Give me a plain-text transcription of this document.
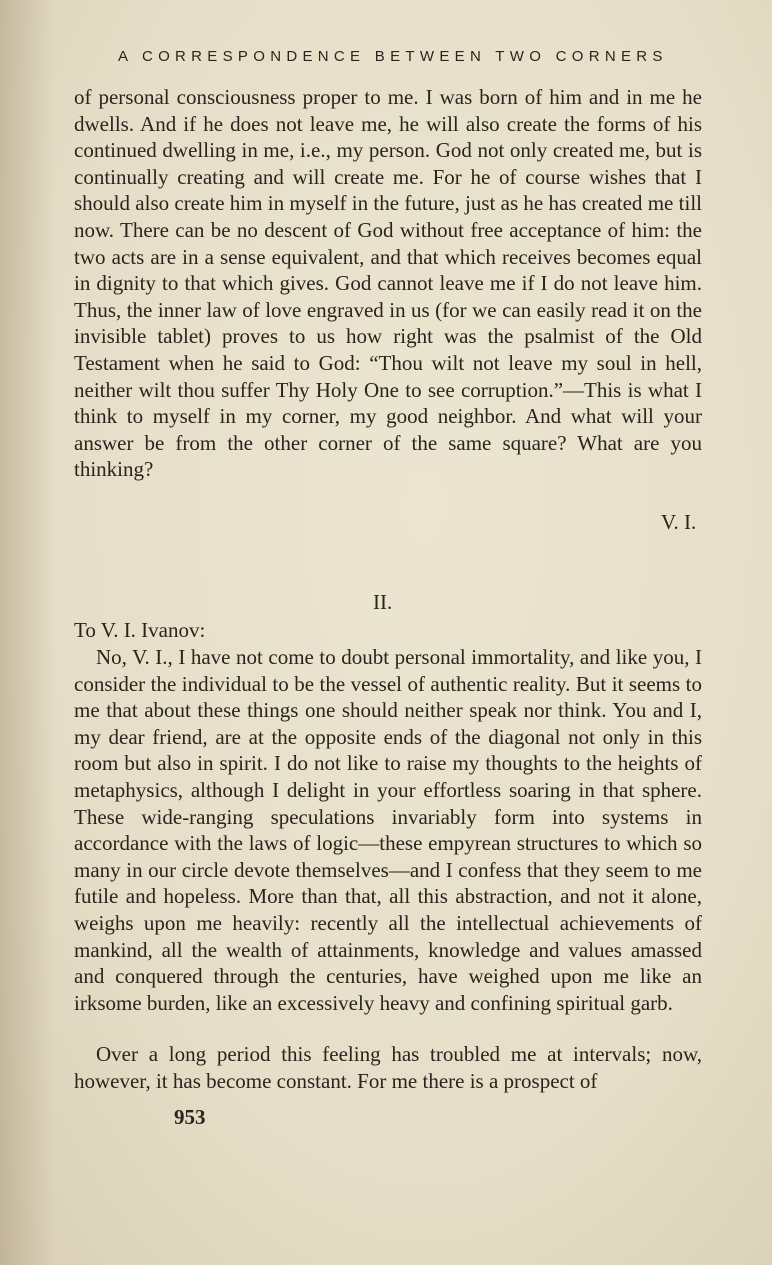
A CORRESPONDENCE BETWEEN TWO CORNERS

of personal consciousness proper to me. I was born of him and in me he dwells. And if he does not leave me, he will also create the forms of his continued dwelling in me, i.e., my person. God not only created me, but is continually creating and will create me. For he of course wishes that I should also create him in myself in the future, just as he has created me till now. There can be no descent of God without free acceptance of him: the two acts are in a sense equivalent, and that which receives becomes equal in dignity to that which gives. God cannot leave me if I do not leave him. Thus, the inner law of love engraved in us (for we can easily read it on the invisible tablet) proves to us how right was the psalmist of the Old Testament when he said to God: “Thou wilt not leave my soul in hell, neither wilt thou suffer Thy Holy One to see corruption.”—This is what I think to myself in my corner, my good neighbor. And what will your answer be from the other corner of the same square? What are you thinking?

V. I.
II.
To V. I. Ivanov:

No, V. I., I have not come to doubt personal immortality, and like you, I consider the individual to be the vessel of authentic reality. But it seems to me that about these things one should neither speak nor think. You and I, my dear friend, are at the opposite ends of the diagonal not only in this room but also in spirit. I do not like to raise my thoughts to the heights of metaphysics, although I delight in your effortless soaring in that sphere. These wide-ranging speculations invariably form into systems in accordance with the laws of logic—these empyrean structures to which so many in our circle devote themselves—and I confess that they seem to me futile and hopeless. More than that, all this abstraction, and not it alone, weighs upon me heavily: recently all the intellectual achievements of mankind, all the wealth of attainments, knowledge and values amassed and conquered through the centuries, have weighed upon me like an irksome burden, like an excessively heavy and confining spiritual garb.

Over a long period this feeling has troubled me at intervals; now, however, it has become constant. For me there is a prospect of

953
